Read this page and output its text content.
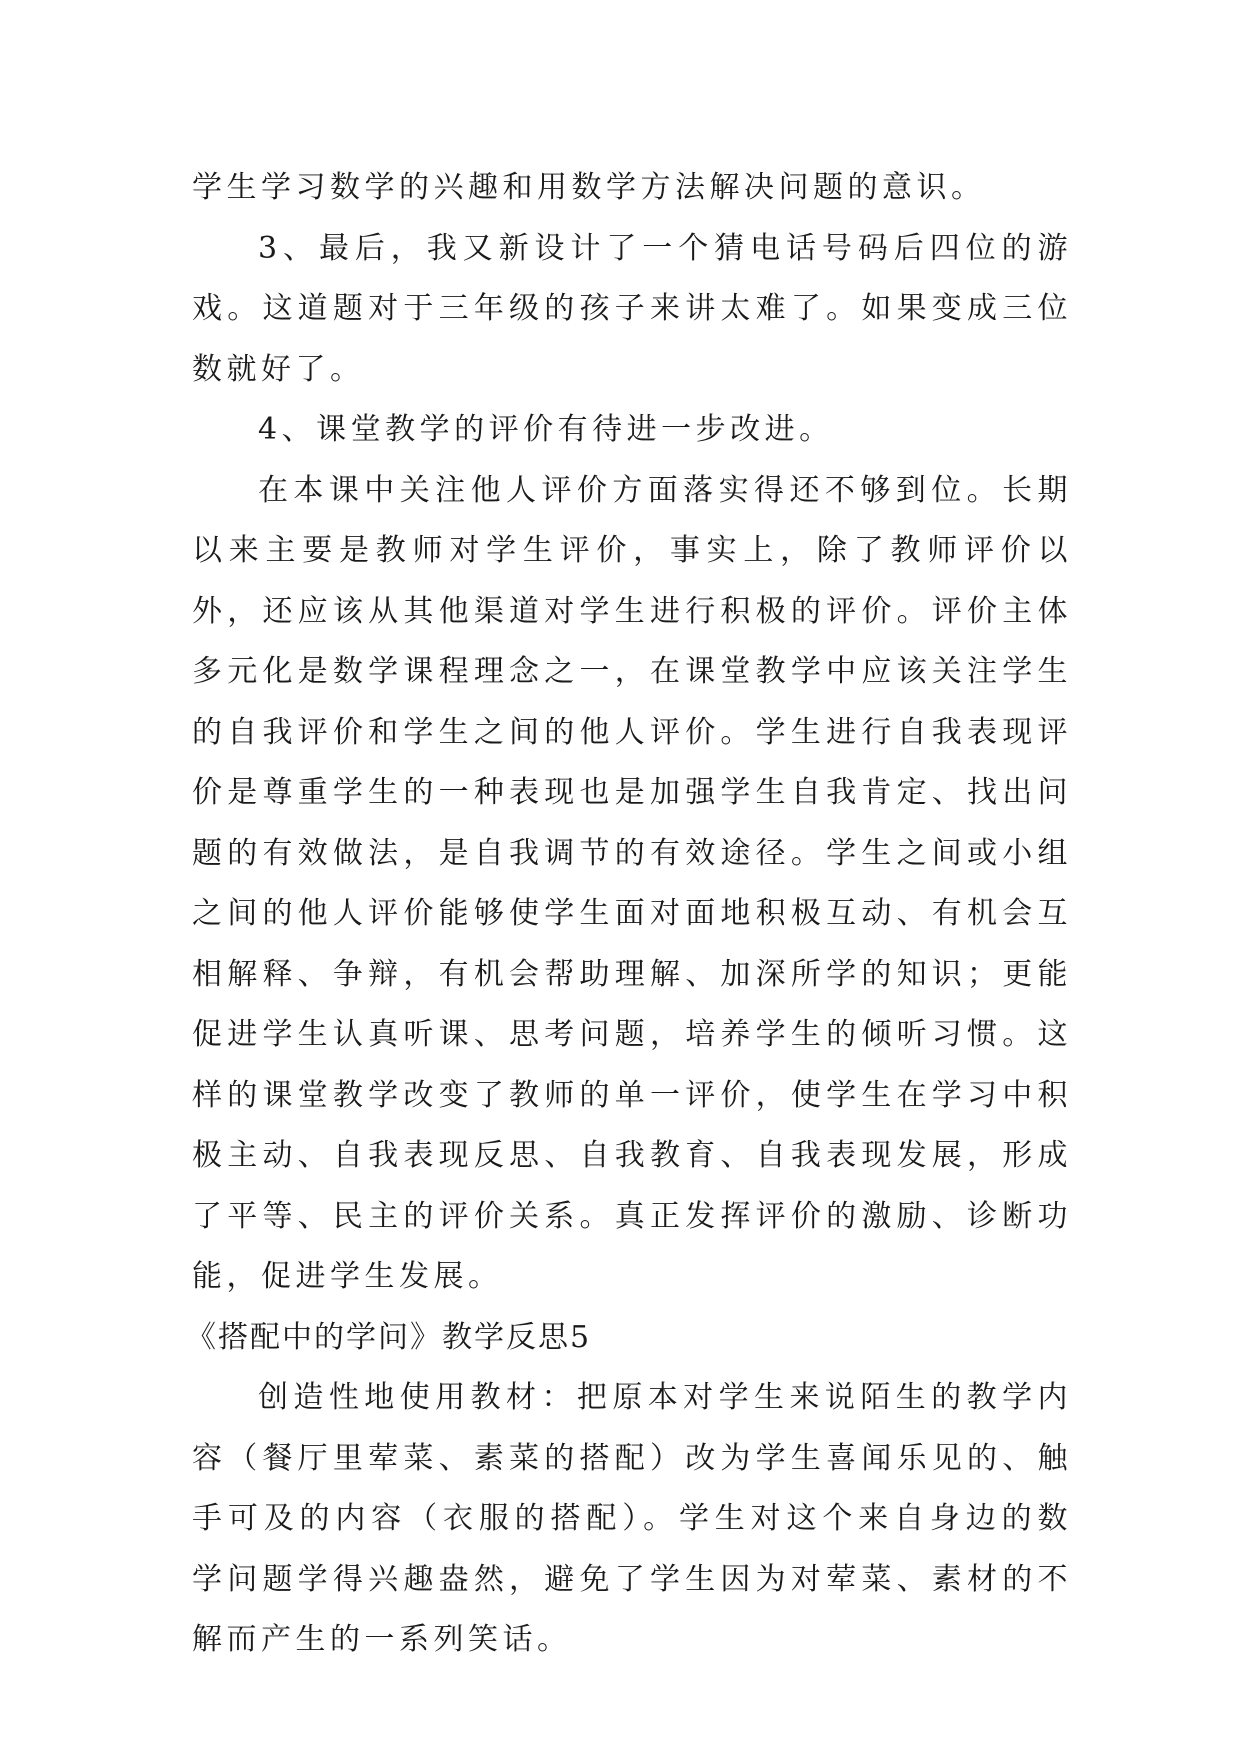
学生学习数学的兴趣和用数学方法解决问题的意识。

3、最后，我又新设计了一个猜电话号码后四位的游戏。这道题对于三年级的孩子来讲太难了。如果变成三位数就好了。

4、课堂教学的评价有待进一步改进。

在本课中关注他人评价方面落实得还不够到位。长期以来主要是教师对学生评价，事实上，除了教师评价以外，还应该从其他渠道对学生进行积极的评价。评价主体多元化是数学课程理念之一，在课堂教学中应该关注学生的自我评价和学生之间的他人评价。学生进行自我表现评价是尊重学生的一种表现也是加强学生自我肯定、找出问题的有效做法，是自我调节的有效途径。学生之间或小组之间的他人评价能够使学生面对面地积极互动、有机会互相解释、争辩，有机会帮助理解、加深所学的知识；更能促进学生认真听课、思考问题，培养学生的倾听习惯。这样的课堂教学改变了教师的单一评价，使学生在学习中积极主动、自我表现反思、自我教育、自我表现发展，形成了平等、民主的评价关系。真正发挥评价的激励、诊断功能，促进学生发展。

《搭配中的学问》教学反思5

创造性地使用教材：把原本对学生来说陌生的教学内容（餐厅里荤菜、素菜的搭配）改为学生喜闻乐见的、触手可及的内容（衣服的搭配）。学生对这个来自身边的数学问题学得兴趣盎然，避免了学生因为对荤菜、素材的不解而产生的一系列笑话。
